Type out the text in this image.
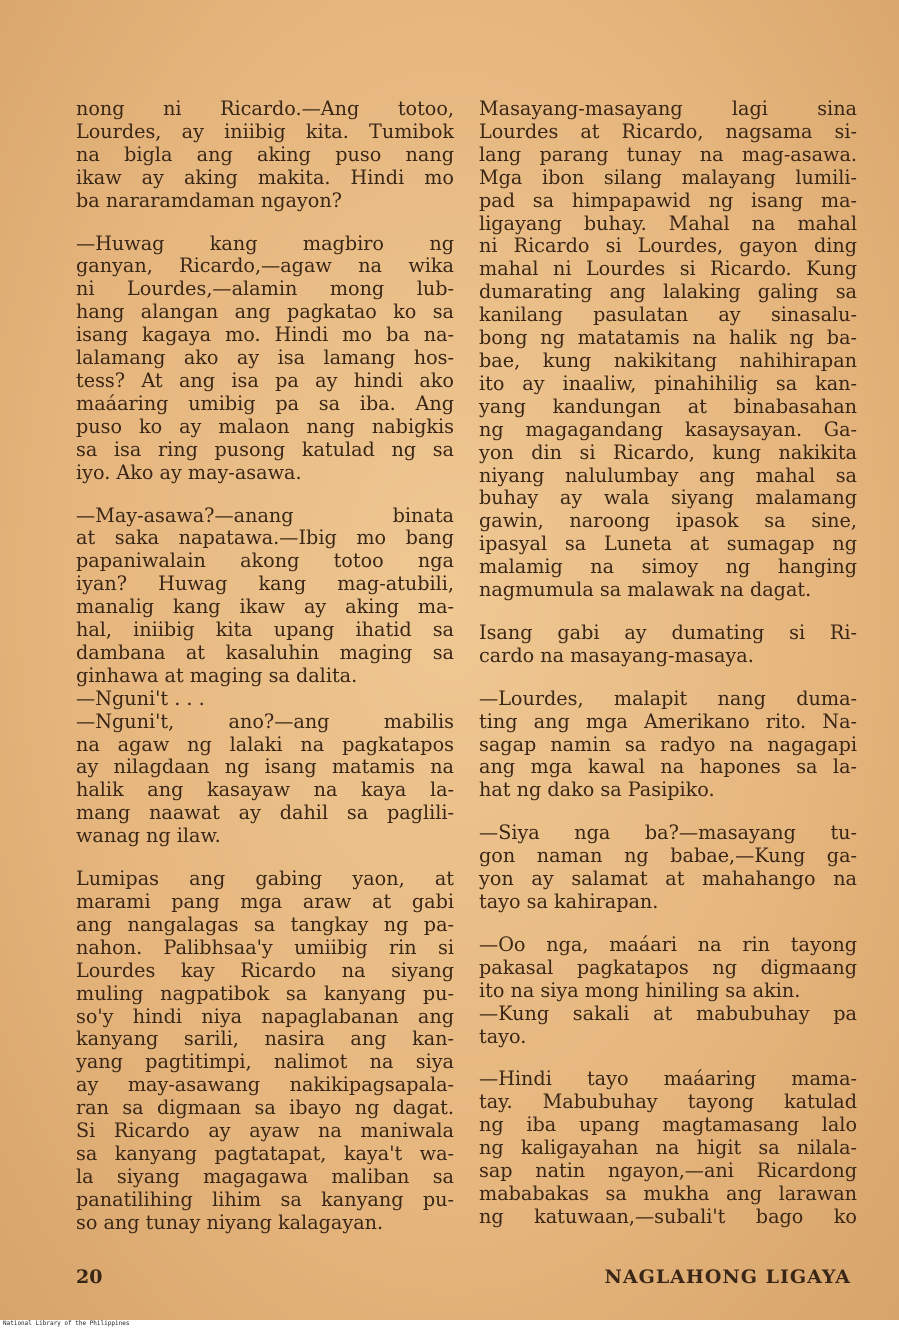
nong ni Ricardo.—Ang totoo,
Lourdes, ay iniibig kita. Tumibok
na bigla ang aking puso nang
ikaw ay aking makita. Hindi mo
ba nararamdaman ngayon?

—Huwag kang magbiro ng
ganyan, Ricardo,—agaw na wika
ni Lourdes,—alamin mong lub-
hang alangan ang pagkatao ko sa
isang kagaya mo. Hindi mo ba na-
lalamang ako ay isa lamang hos-
tess? At ang isa pa ay hindi ako
maáaring umibig pa sa iba. Ang
puso ko ay malaon nang nabigkis
sa isa ring pusong katulad ng sa
iyo. Ako ay may-asawa.

—May-asawa?—anang binata
at saka napatawa.—Ibig mo bang
papaniwalain akong totoo nga
iyan? Huwag kang mag-atubili,
manalig kang ikaw ay aking ma-
hal, iniibig kita upang ihatid sa
dambana at kasaluhin maging sa
ginhawa at maging sa dalita.

—Nguni't . . .

—Nguni't, ano?—ang mabilis
na agaw ng lalaki na pagkatapos
ay nilagdaan ng isang matamis na
halik ang kasayaw na kaya la-
mang naawat ay dahil sa paglili-
wanag ng ilaw.

Lumipas ang gabing yaon, at
marami pang mga araw at gabi
ang nangalagas sa tangkay ng pa-
nahon. Palibhsaa'y umiibig rin si
Lourdes kay Ricardo na siyang
muling nagpatibok sa kanyang pu-
so'y hindi niya napaglabanan ang
kanyang sarili, nasira ang kan-
yang pagtitimpi, nalimot na siya
ay may-asawang nakikipagsapala-
ran sa digmaan sa ibayo ng dagat.
Si Ricardo ay ayaw na maniwala
sa kanyang pagtatapat, kaya't wa-
la siyang magagawa maliban sa
panatilihing lihim sa kanyang pu-
so ang tunay niyang kalagayan.

Masayang-masayang lagi sina
Lourdes at Ricardo, nagsama si-
lang parang tunay na mag-asawa.
Mga ibon silang malayang lumili-
pad sa himpapawid ng isang ma-
ligayang buhay. Mahal na mahal
ni Ricardo si Lourdes, gayon ding
mahal ni Lourdes si Ricardo. Kung
dumarating ang lalaking galing sa
kanilang pasulatan ay sinasalu-
bong ng matatamis na halik ng ba-
bae, kung nakikitang nahihirapan
ito ay inaaliw, pinahihilig sa kan-
yang kandungan at binabasahan
ng magagandang kasaysayan. Ga-
yon din si Ricardo, kung nakikita
niyang nalulumbay ang mahal sa
buhay ay wala siyang malamang
gawin, naroong ipasok sa sine,
ipasyal sa Luneta at sumagap ng
malamig na simoy ng hanging
nagmumula sa malawak na dagat.

Isang gabi ay dumating si Ri-
cardo na masayang-masaya.

—Lourdes, malapit nang duma-
ting ang mga Amerikano rito. Na-
sagap namin sa radyo na nagagapi
ang mga kawal na hapones sa la-
hat ng dako sa Pasipiko.

—Siya nga ba?—masayang tu-
gon naman ng babae,—Kung ga-
yon ay salamat at mahahango na
tayo sa kahirapan.

—Oo nga, maáari na rin tayong
pakasal pagkatapos ng digmaang
ito na siya mong hiniling sa akin.

—Kung sakali at mabubuhay pa
tayo.

—Hindi tayo maáaring mama-
tay. Mabubuhay tayong katulad
ng iba upang magtamasang lalo
ng kaligayahan na higit sa nilala-
sap natin ngayon,—ani Ricardong
mababakas sa mukha ang larawan
ng katuwaan,—subali't bago ko

20	NAGLAHONG LIGAYA
National Library of the Philippines
